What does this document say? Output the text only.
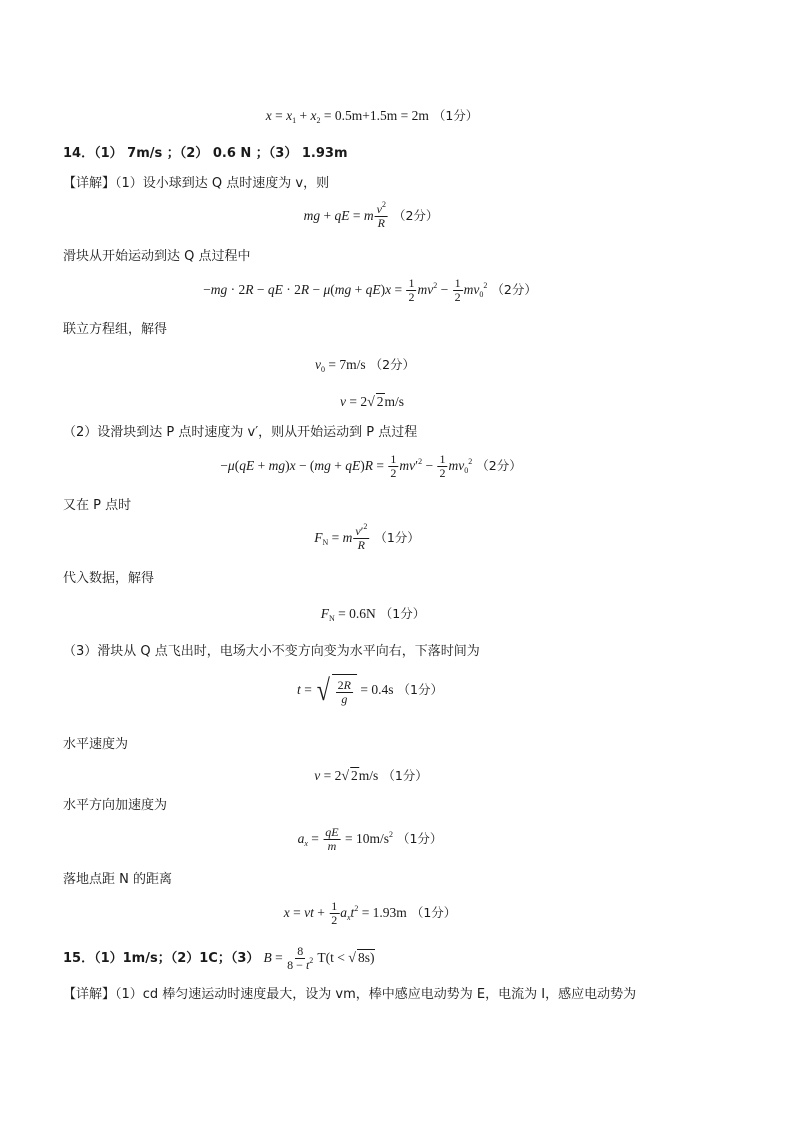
$x = x_1 + x_2 = 0.5m+1.5m = 2m$ （1分）
14．（1） 7m/s ；（2） 0.6 N ；（3） 1.93m
【详解】（1）设小球到达 Q 点时速度为 v，则
mg + qE = m $\frac{v^2}{R} (2$分）
滑块从开始运动到达 Q 点过程中
−mg · 2R − qE · $2R - \mu(mg + qE)x = \frac{1}{2} mv^2 - \frac{1}{2} mv_0^2$ （2分）
联立方程组，解得
$v_0 = 7m/s$ （2分）
v = 2√ 2m/s
（2）设滑块到达 P 点时速度为 v′，则从开始运动到 P 点过程
$-\mu(qE + mg)x - (mg + qE)R = \frac{1}{2} mv'^2 - \frac{1}{2} mv_0^2$ （2分）
又在 P 点时
$F_N = m \frac{v'^2}{R} (1$分）
代入数据，解得
$F_N = 0.6N$ （1分）
（3）滑块从 Q 点飞出时，电场大小不变方向变为水平向右，下落时间为
t = √ $\frac{2R}{g} = 0.4s$ （1分）
水平速度为
v = 2√ 2m/s （1分）
水平方向加速度为
$a_x = \frac{qE}{m} = 10m/s^2$ （1分）
落地点距 N 的距离
x = vt + $\frac{1}{2} a_xt^2 = 1.93m$ （1分）
15．（1）1m/s；（2）1C；（3） $B = \frac{8}{8 - t^2} T(t$ < √ 8s)
【详解】（1）cd 棒匀速运动时速度最大，设为 vm，棒中感应电动势为 E，电流为 I，感应电动势为
